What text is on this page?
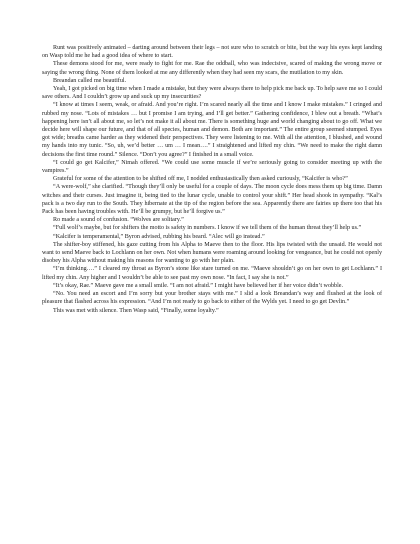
Runt was positively animated – darting around between their legs – not sure who to scratch or bite, but the way his eyes kept landing on Wasp told me he had a good idea of where to start.

These demons stood for me, were ready to fight for me. Rae the oddball, who was indecisive, scared of making the wrong move or saying the wrong thing. None of them looked at me any differently when they had seen my scars, the mutilation to my skin.

Breandan called me beautiful.

Yeah, I got picked on big time when I made a mistake, but they were always there to help pick me back up. To help save me so I could save others. And I couldn’t grow up and suck up my insecurities?

“I know at times I seem, weak, or afraid. And you’re right. I’m scared nearly all the time and I know I make mistakes.” I cringed and rubbed my nose. “Lots of mistakes … but I promise I am trying, and I’ll get better.” Gathering confidence, I blew out a breath. “What’s happening here isn’t all about me, so let’s not make it all about me. There is something huge and world changing about to go off. What we decide here will shape our future, and that of all species, human and demon. Both are important.” The entire group seemed stumped. Eyes got wide; breaths came harder as they widened their perspectives. They were listening to me. With all the attention, I blushed, and wound my hands into my tunic. “So, uh, we’d better … um … I mean….” I straightened and lifted my chin. “We need to make the right damn decisions the first time round.” Silence. “Don’t you agree?” I finished in a small voice.

“I could go get Kalcifer,” Nimah offered. “We could use some muscle if we’re seriously going to consider meeting up with the vampires.”

Grateful for some of the attention to be shifted off me, I nodded enthusiastically then asked curiously, “Kalcifer is who?”

“A were-wolf,” she clarified. “Though they’ll only be useful for a couple of days. The moon cycle does mess them up big time. Damn witches and their curses. Just imagine it, being tied to the lunar cycle, unable to control your shift.” Her head shook in sympathy. “Kal’s pack is a two day run to the South. They hibernate at the tip of the region before the sea. Apparently there are fairies up there too that his Pack has been having troubles with. He’ll be grumpy, but he’ll forgive us.”

Ro made a sound of confusion. “Wolves are solitary.”

“Full wolf’s maybe, but for shifters the motto is safety in numbers. I know if we tell them of the human threat they’ll help us.”

“Kalcifer is temperamental,” Byron advised, rubbing his beard. “Alec will go instead.”

The shifter-boy stiffened, his gaze cutting from his Alpha to Maeve then to the floor. His lips twisted with the unsaid. He would not want to send Maeve back to Lochlann on her own. Not when humans were roaming around looking for vengeance, but he could not openly disobey his Alpha without making his reasons for wanting to go with her plain.

“I’m thinking….” I cleared my throat as Byron’s stone like stare turned on me. “Maeve shouldn’t go on her own to get Lochlann.” I lifted my chin. Any higher and I wouldn’t be able to see past my own nose. “In fact, I say she is not.”

“It’s okay, Rae.” Maeve gave me a small smile. “I am not afraid.” I might have believed her if her voice didn’t wobble.

“No. You need an escort and I’m sorry but your brother stays with me.” I slid a look Breandan’s way and flushed at the look of pleasure that flashed across his expression. “And I’m not ready to go back to either of the Wylds yet. I need to go get Devlin.”

This was met with silence. Then Wasp said, “Finally, some loyalty.”
